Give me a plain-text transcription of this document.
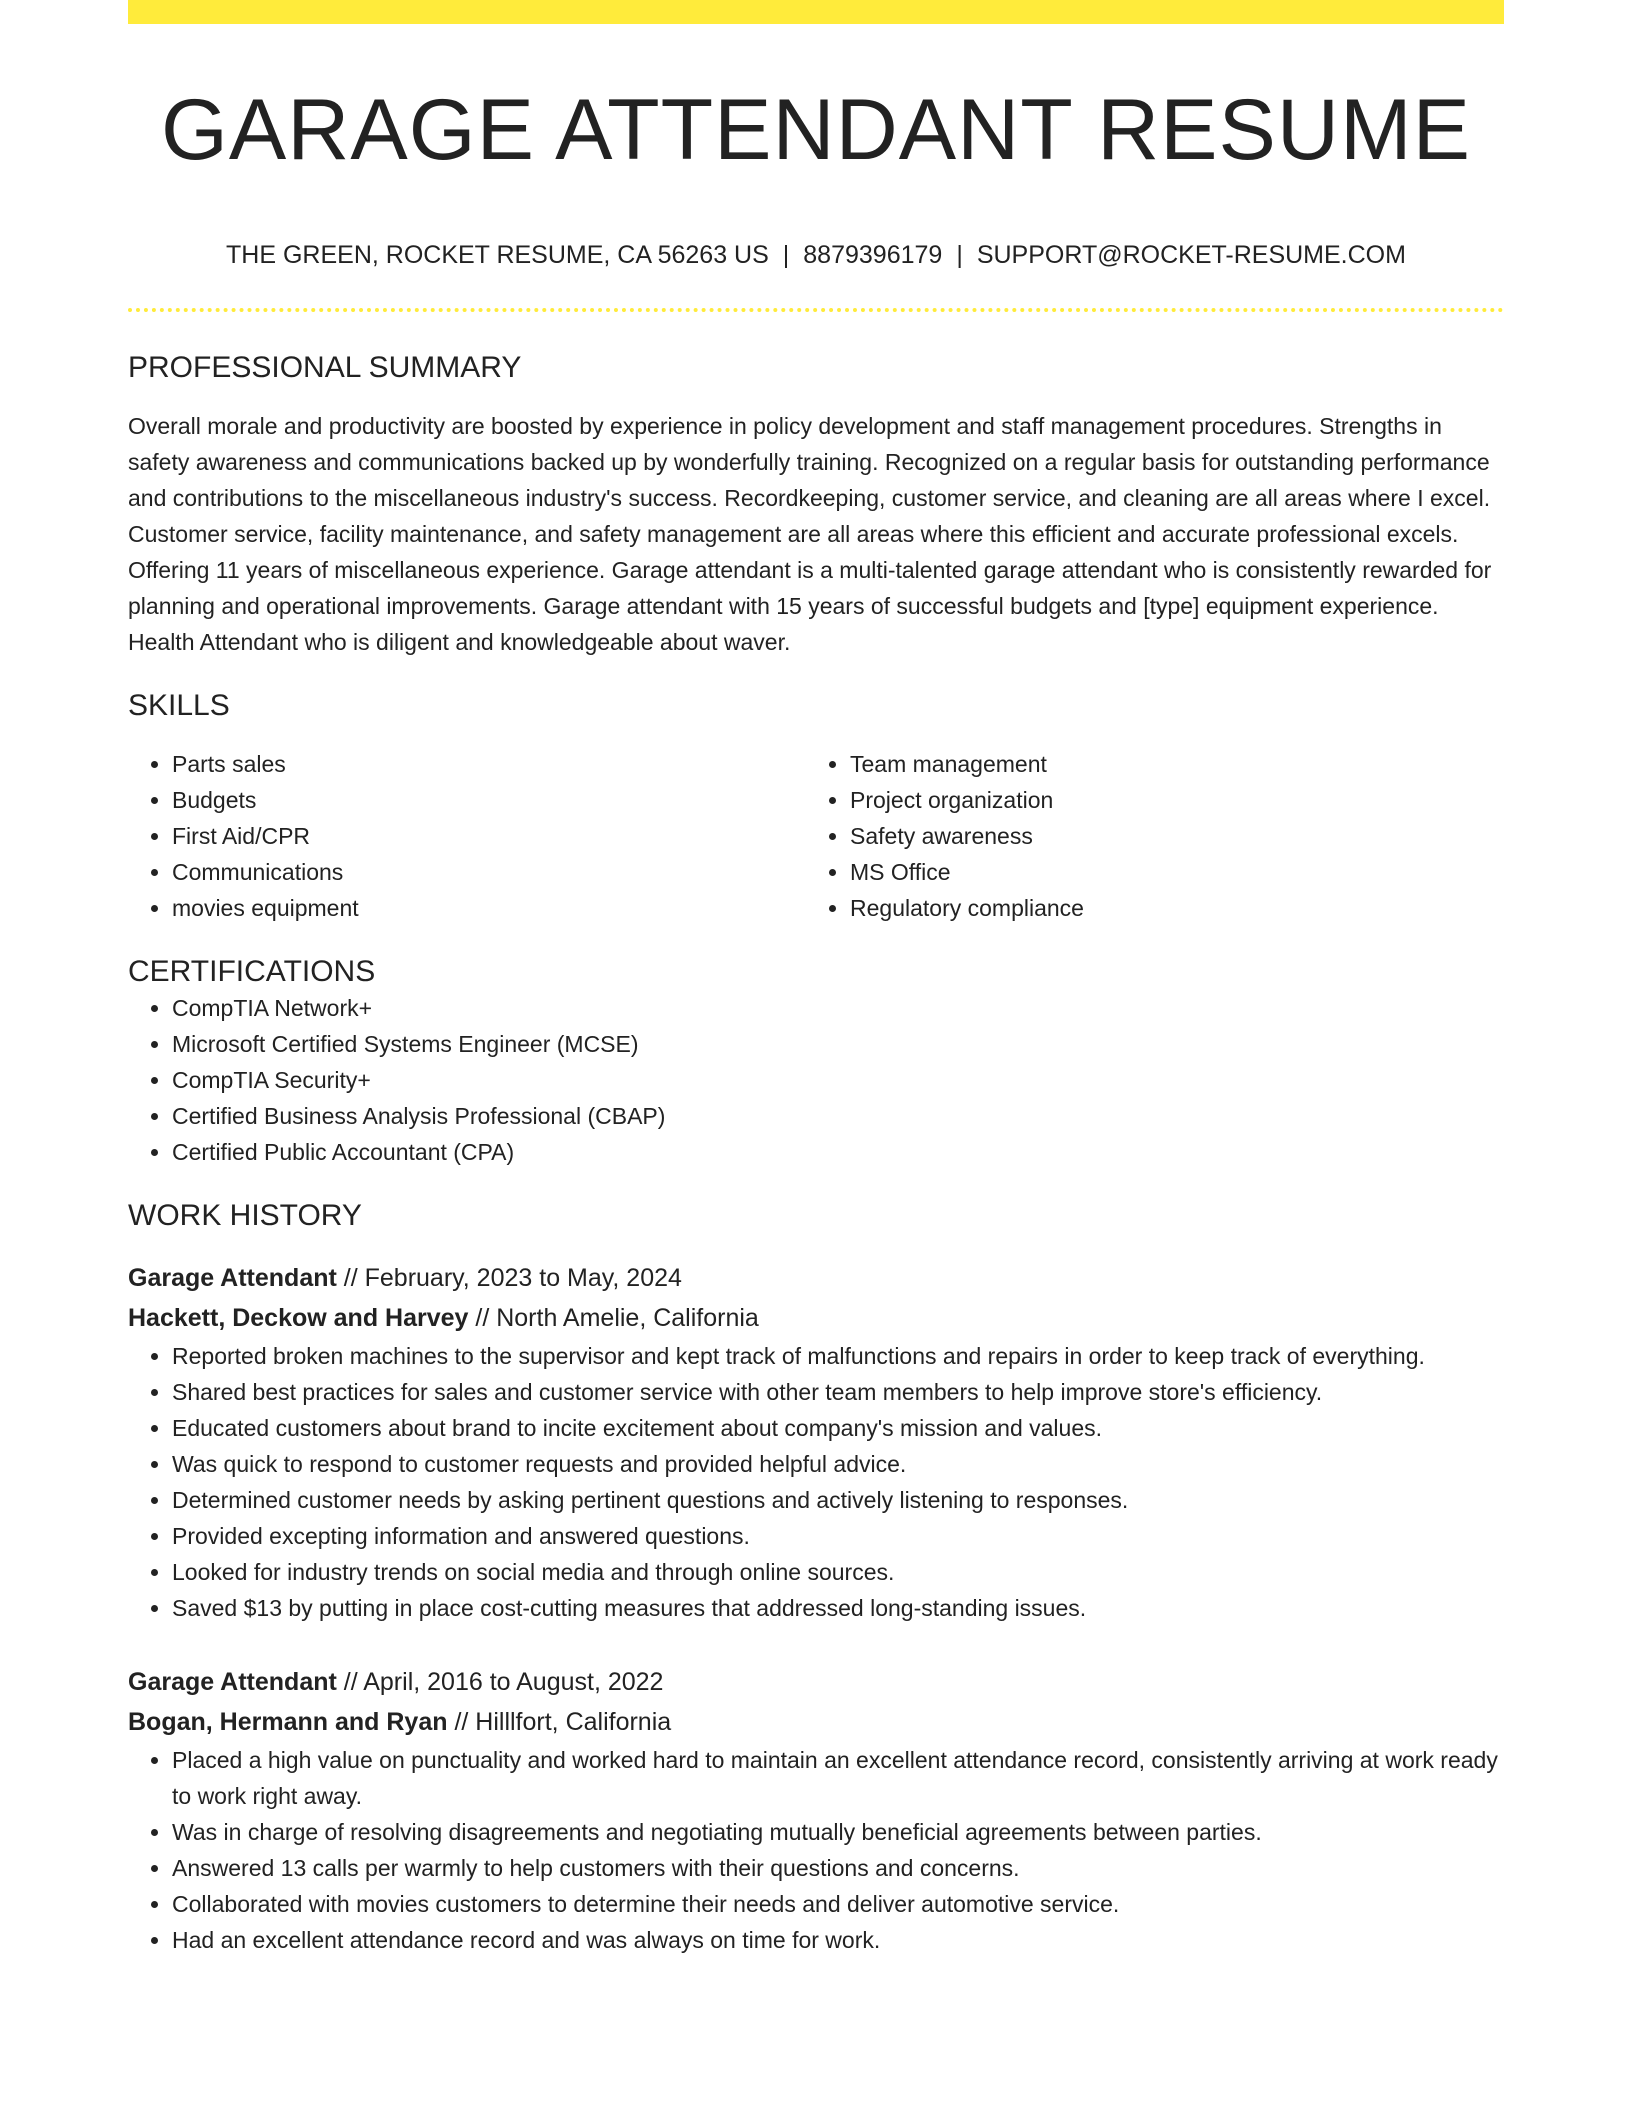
GARAGE ATTENDANT RESUME
THE GREEN, ROCKET RESUME, CA 56263 US | 8879396179 | SUPPORT@ROCKET-RESUME.COM
PROFESSIONAL SUMMARY

Overall morale and productivity are boosted by experience in policy development and staff management procedures. Strengths in safety awareness and communications backed up by wonderfully training. Recognized on a regular basis for outstanding performance and contributions to the miscellaneous industry's success. Recordkeeping, customer service, and cleaning are all areas where I excel. Customer service, facility maintenance, and safety management are all areas where this efficient and accurate professional excels. Offering 11 years of miscellaneous experience. Garage attendant is a multi-talented garage attendant who is consistently rewarded for planning and operational improvements. Garage attendant with 15 years of successful budgets and [type] equipment experience. Health Attendant who is diligent and knowledgeable about waver.

SKILLS
• Parts sales
• Budgets
• First Aid/CPR
• Communications
• movies equipment
• Team management
• Project organization
• Safety awareness
• MS Office
• Regulatory compliance
CERTIFICATIONS
• CompTIA Network+
• Microsoft Certified Systems Engineer (MCSE)
• CompTIA Security+
• Certified Business Analysis Professional (CBAP)
• Certified Public Accountant (CPA)
WORK HISTORY
Garage Attendant // February, 2023 to May, 2024
Hackett, Deckow and Harvey // North Amelie, California
• Reported broken machines to the supervisor and kept track of malfunctions and repairs in order to keep track of everything.
• Shared best practices for sales and customer service with other team members to help improve store's efficiency.
• Educated customers about brand to incite excitement about company's mission and values.
• Was quick to respond to customer requests and provided helpful advice.
• Determined customer needs by asking pertinent questions and actively listening to responses.
• Provided excepting information and answered questions.
• Looked for industry trends on social media and through online sources.
• Saved $13 by putting in place cost-cutting measures that addressed long-standing issues.
Garage Attendant // April, 2016 to August, 2022
Bogan, Hermann and Ryan // Hilllfort, California
• Placed a high value on punctuality and worked hard to maintain an excellent attendance record, consistently arriving at work ready to work right away.
• Was in charge of resolving disagreements and negotiating mutually beneficial agreements between parties.
• Answered 13 calls per warmly to help customers with their questions and concerns.
• Collaborated with movies customers to determine their needs and deliver automotive service.
• Had an excellent attendance record and was always on time for work.
